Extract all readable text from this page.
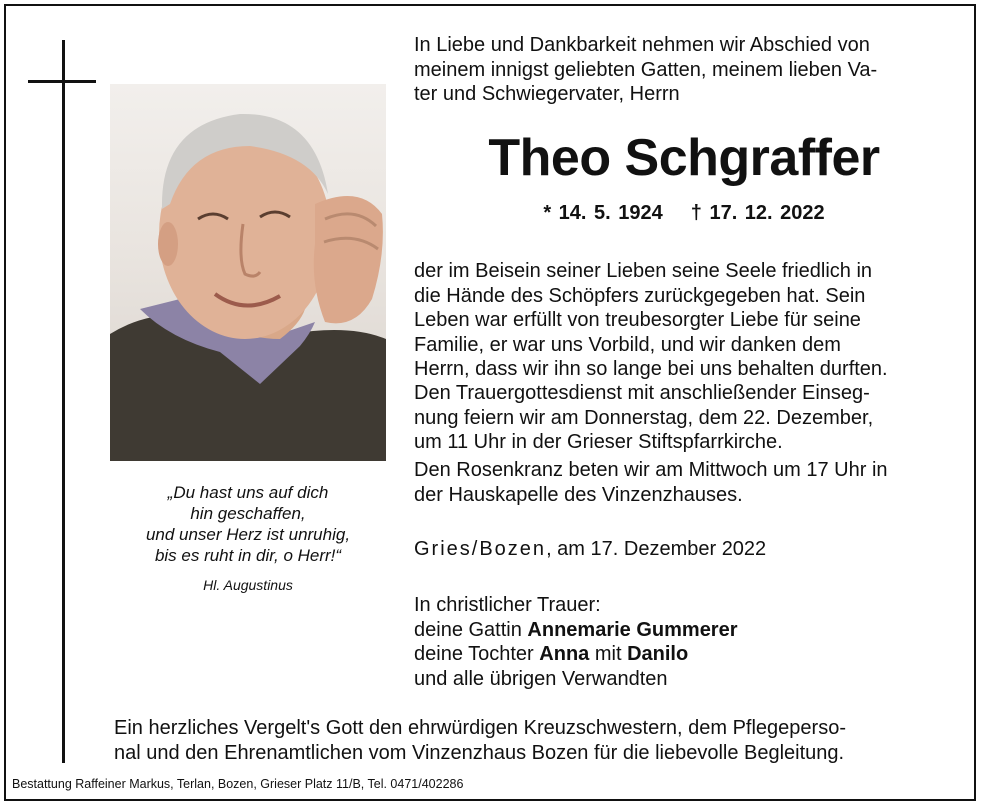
„Du hast uns auf dich
hin geschaffen,
und unser Herz ist unruhig,
bis es ruht in dir, o Herr!“
Hl. Augustinus
In Liebe und Dankbarkeit nehmen wir Abschied von
meinem innigst geliebten Gatten, meinem lieben Va-
ter und Schwiegervater, Herrn
Theo Schgraffer
* 14. 5. 1924 † 17. 12. 2022
der im Beisein seiner Lieben seine Seele friedlich in
die Hände des Schöpfers zurückgegeben hat. Sein
Leben war erfüllt von treubesorgter Liebe für seine
Familie, er war uns Vorbild, und wir danken dem
Herrn, dass wir ihn so lange bei uns behalten durften.
Den Trauergottesdienst mit anschließender Einseg-
nung feiern wir am Donnerstag, dem 22. Dezember,
um 11 Uhr in der Grieser Stiftspfarrkirche.
Den Rosenkranz beten wir am Mittwoch um 17 Uhr in
der Hauskapelle des Vinzenzhauses.
Gries/Bozen, am 17. Dezember 2022
In christlicher Trauer:
deine Gattin Annemarie Gummerer
deine Tochter Anna mit Danilo
und alle übrigen Verwandten
Ein herzliches Vergelt's Gott den ehrwürdigen Kreuzschwestern, dem Pflegeperso-
nal und den Ehrenamtlichen vom Vinzenzhaus Bozen für die liebevolle Begleitung.
Bestattung Raffeiner Markus, Terlan, Bozen, Grieser Platz 11/B, Tel. 0471/402286
